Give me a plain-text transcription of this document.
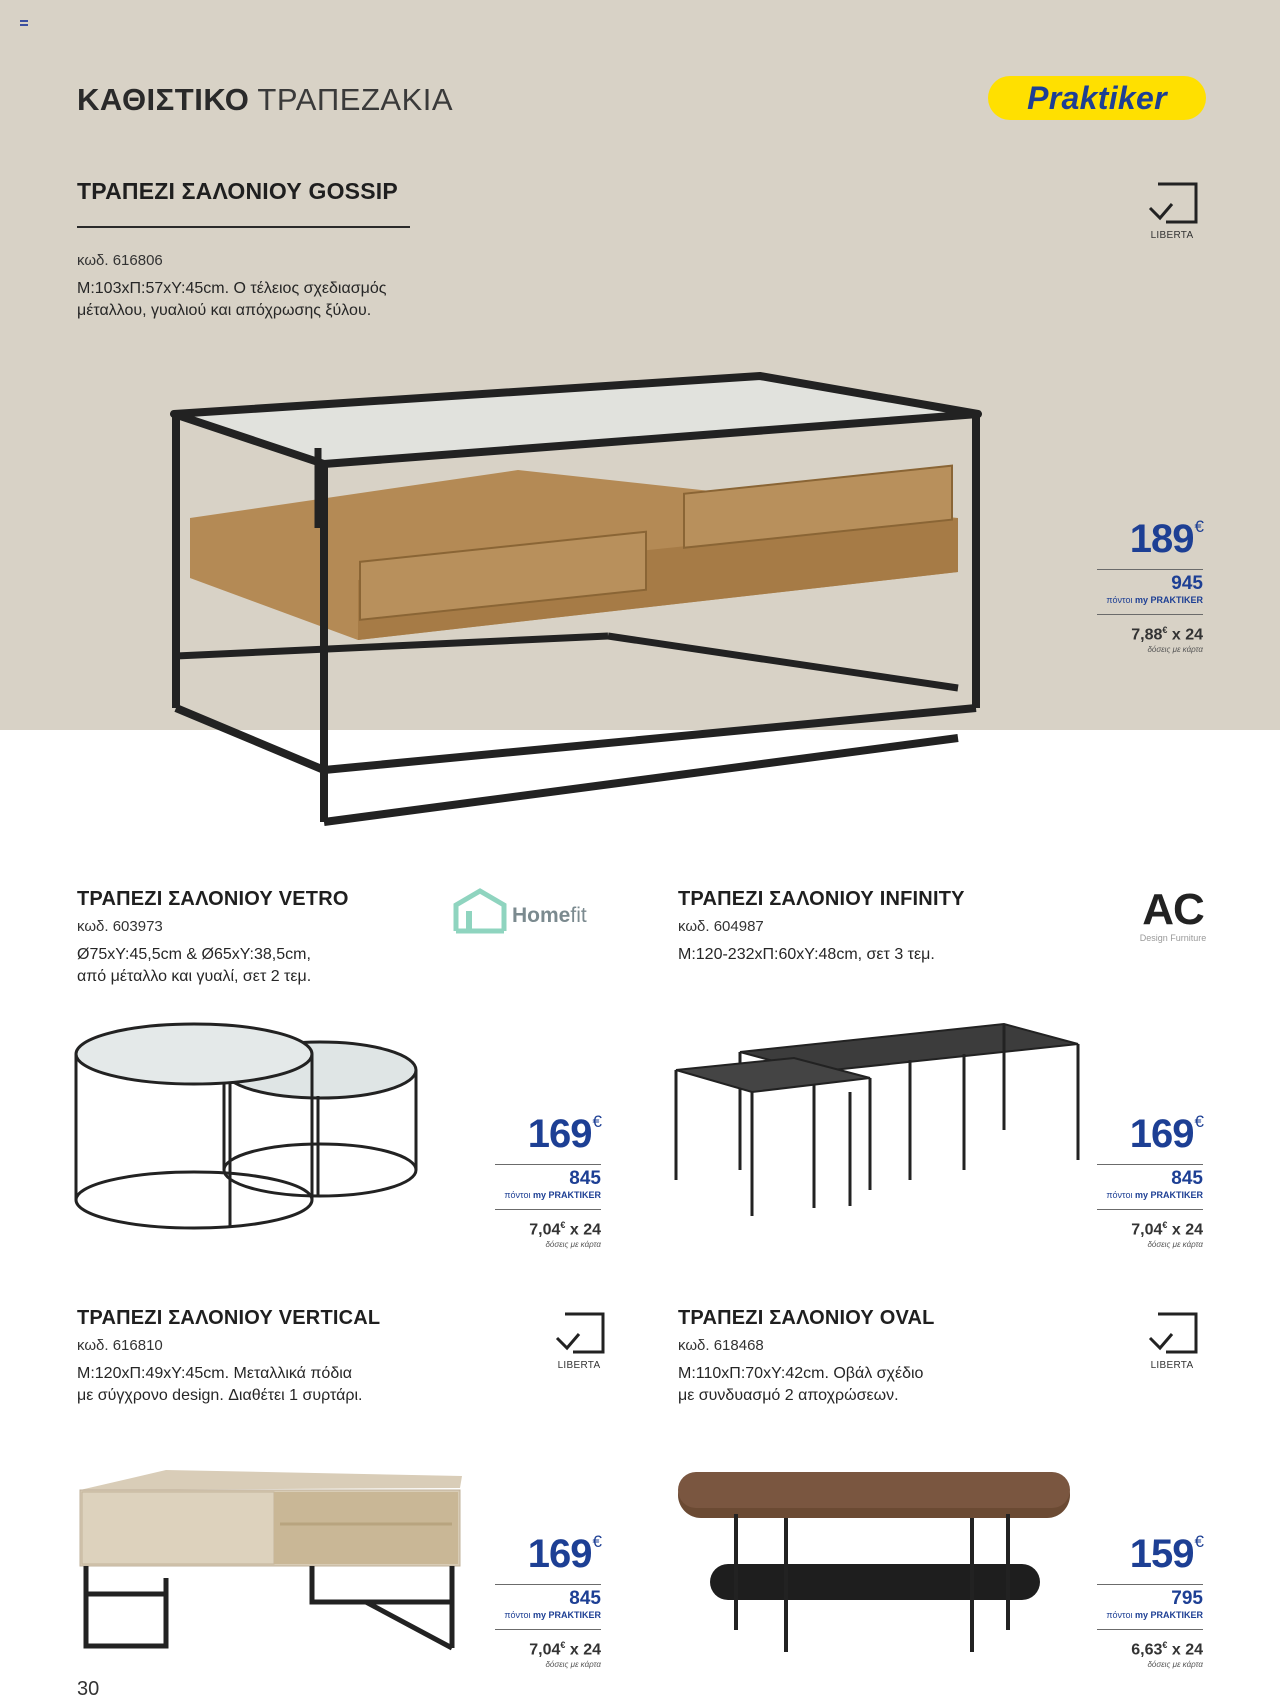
ΚΑΘΙΣΤΙΚΟ ΤΡΑΠΕΖΑΚΙΑ	Praktiker
ΤΡΑΠΕΖΙ ΣΑΛΟΝΙΟΥ GOSSIP
κωδ. 616806
Μ:103xΠ:57xΥ:45cm. Ο τέλειος σχεδιασμός
μέταλλου, γυαλιού και απόχρωσης ξύλου.
LIBERTA
189€
945
πόντοι my PRAKTIKER
7,88€ x 24
δόσεις με κάρτα
ΤΡΑΠΕΖΙ ΣΑΛΟΝΙΟΥ VETRO
κωδ. 603973
Ø75xΥ:45,5cm & Ø65xΥ:38,5cm,
από μέταλλο και γυαλί, σετ 2 τεμ.
Homefit
169€
845
πόντοι my PRAKTIKER
7,04€ x 24
δόσεις με κάρτα
ΤΡΑΠΕΖΙ ΣΑΛΟΝΙΟΥ INFINITY
κωδ. 604987
Μ:120-232xΠ:60xΥ:48cm, σετ 3 τεμ.
AC
Design Furniture
169€
845
πόντοι my PRAKTIKER
7,04€ x 24
δόσεις με κάρτα
ΤΡΑΠΕΖΙ ΣΑΛΟΝΙΟΥ VERTICAL
κωδ. 616810
Μ:120xΠ:49xΥ:45cm. Μεταλλικά πόδια
με σύγχρονο design. Διαθέτει 1 συρτάρι.
LIBERTA
169€
845
πόντοι my PRAKTIKER
7,04€ x 24
δόσεις με κάρτα
ΤΡΑΠΕΖΙ ΣΑΛΟΝΙΟΥ OVAL
κωδ. 618468
Μ:110xΠ:70xΥ:42cm. Οβάλ σχέδιο
με συνδυασμό 2 αποχρώσεων.
LIBERTA
159€
795
πόντοι my PRAKTIKER
6,63€ x 24
δόσεις με κάρτα
30
